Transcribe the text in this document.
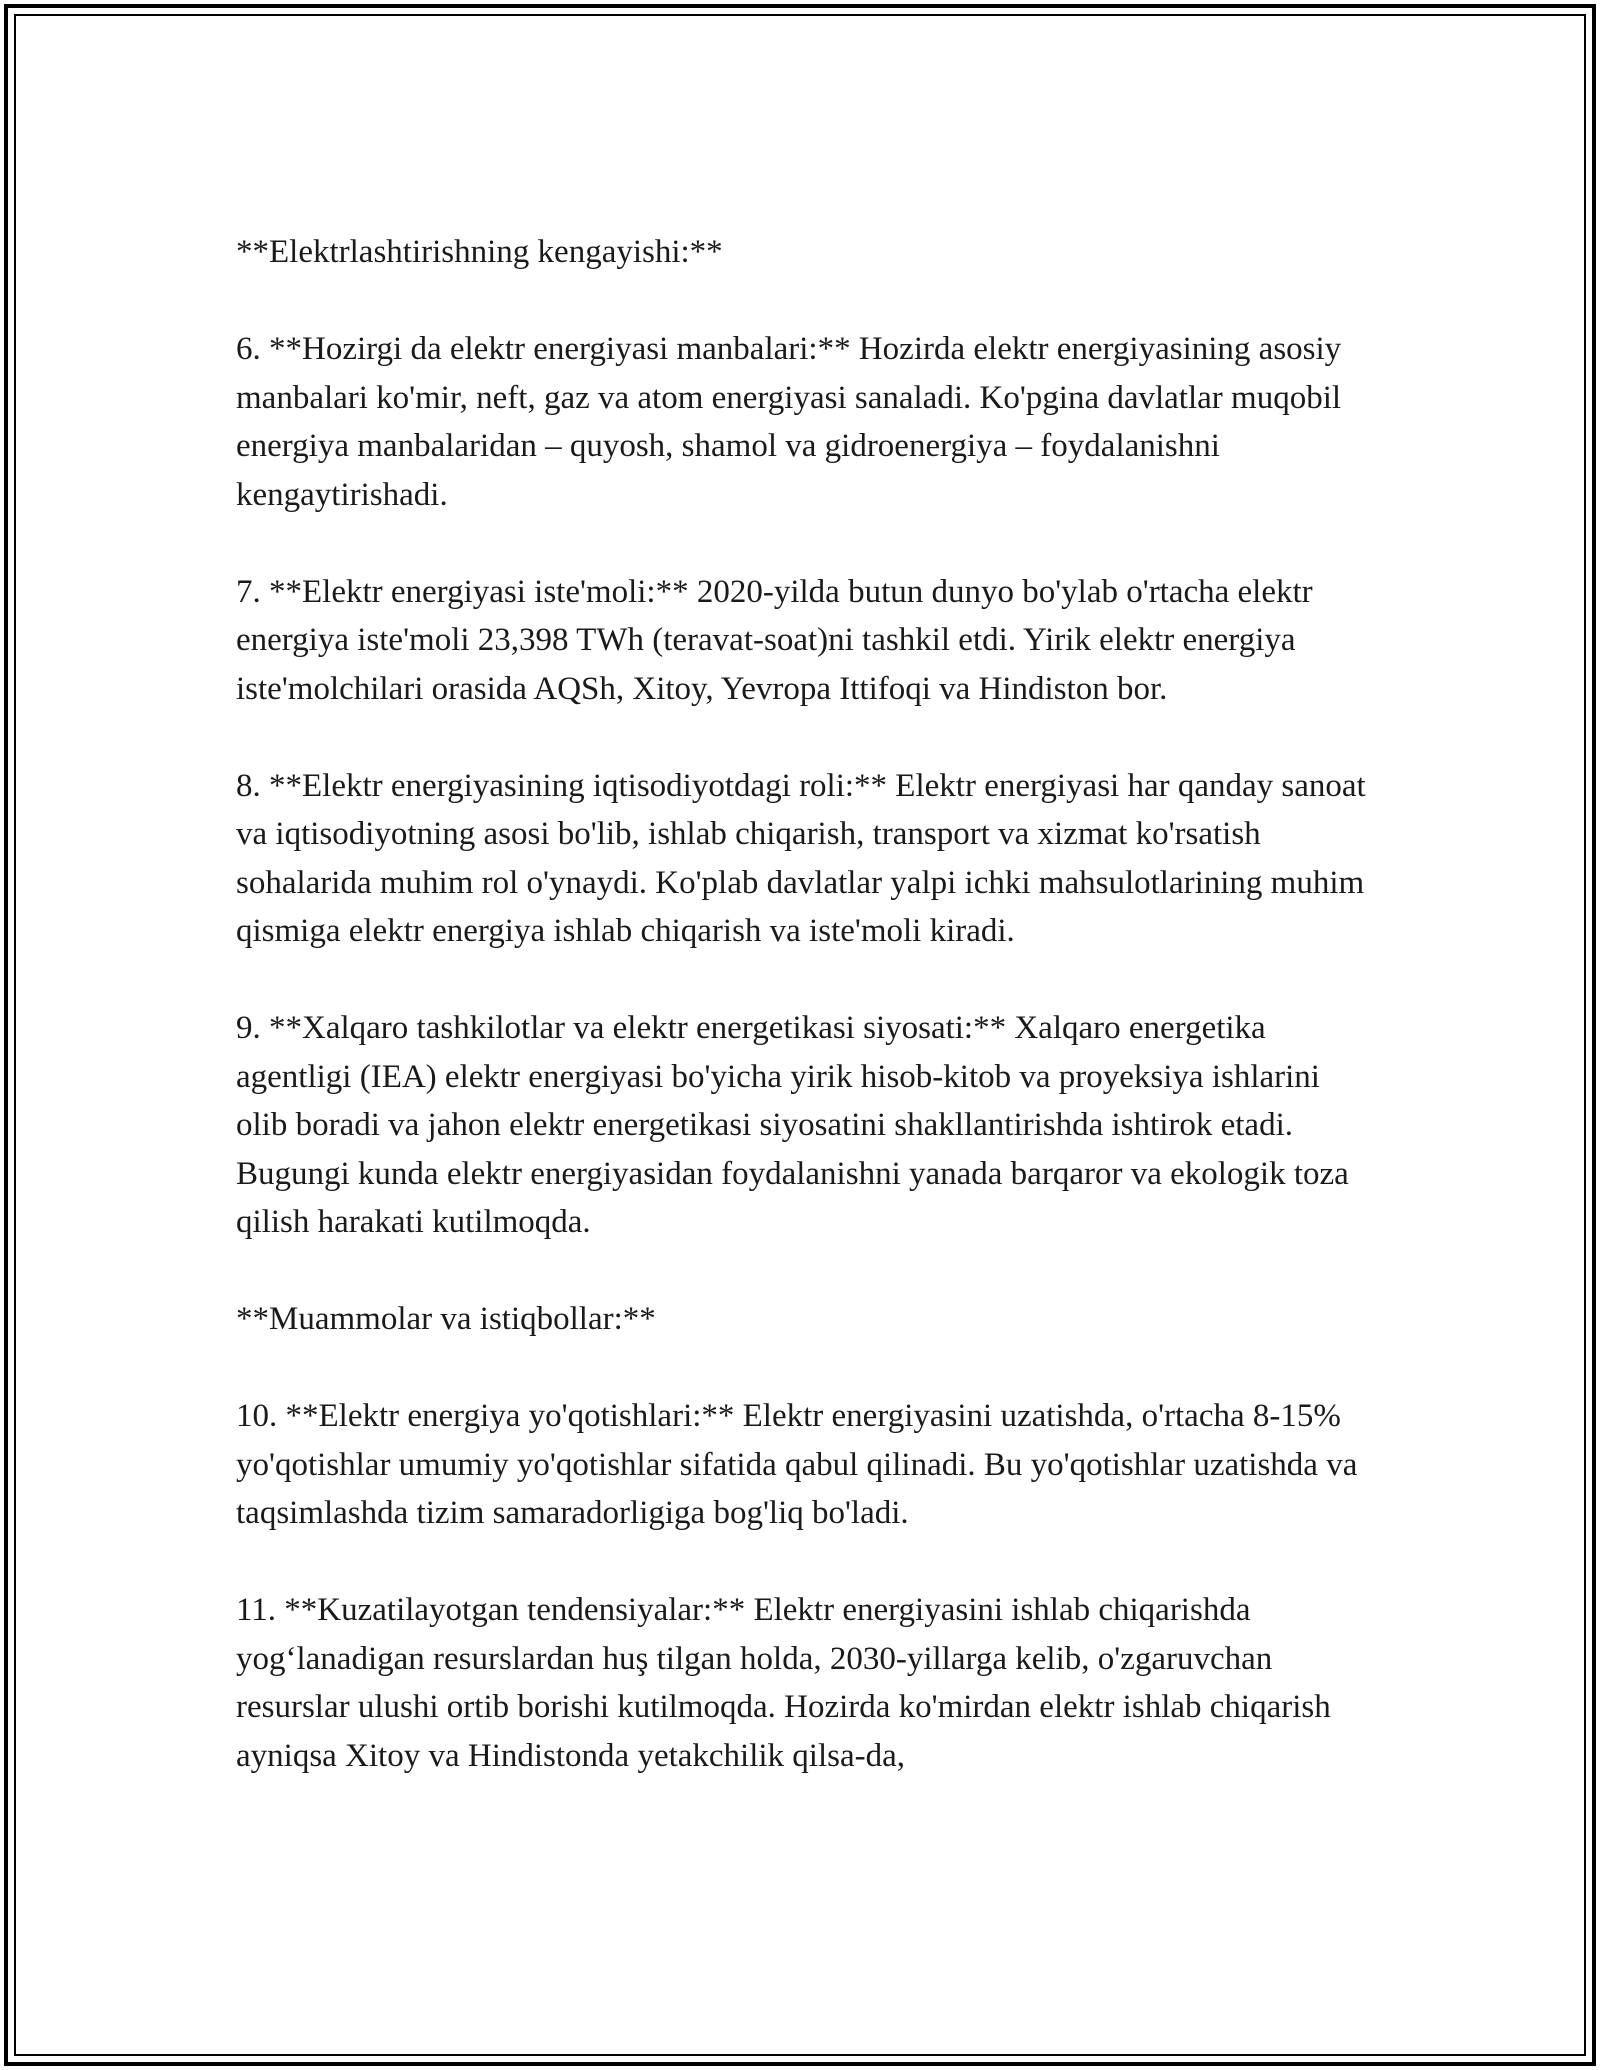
**Elektrlashtirishning kengayishi:**

6. **Hozirgi da elektr energiyasi manbalari:** Hozirda elektr energiyasining asosiy manbalari ko'mir, neft, gaz va atom energiyasi sanaladi. Ko'pgina davlatlar muqobil energiya manbalaridan – quyosh, shamol va gidroenergiya – foydalanishni kengaytirishadi.

7. **Elektr energiyasi iste'moli:** 2020-yilda butun dunyo bo'ylab o'rtacha elektr energiya iste'moli 23,398 TWh (teravat-soat)ni tashkil etdi. Yirik elektr energiya iste'molchilari orasida AQSh, Xitoy, Yevropa Ittifoqi va Hindiston bor.

8. **Elektr energiyasining iqtisodiyotdagi roli:** Elektr energiyasi har qanday sanoat va iqtisodiyotning asosi bo'lib, ishlab chiqarish, transport va xizmat ko'rsatish sohalarida muhim rol o'ynaydi. Ko'plab davlatlar yalpi ichki mahsulotlarining muhim qismiga elektr energiya ishlab chiqarish va iste'moli kiradi.

9. **Xalqaro tashkilotlar va elektr energetikasi siyosati:** Xalqaro energetika agentligi (IEA) elektr energiyasi bo'yicha yirik hisob-kitob va proyeksiya ishlarini olib boradi va jahon elektr energetikasi siyosatini shakllantirishda ishtirok etadi. Bugungi kunda elektr energiyasidan foydalanishni yanada barqaror va ekologik toza qilish harakati kutilmoqda.

**Muammolar va istiqbollar:**

10. **Elektr energiya yo'qotishlari:** Elektr energiyasini uzatishda, o'rtacha 8-15% yo'qotishlar umumiy yo'qotishlar sifatida qabul qilinadi. Bu yo'qotishlar uzatishda va taqsimlashda tizim samaradorligiga bog'liq bo'ladi.

11. **Kuzatilayotgan tendensiyalar:** Elektr energiyasini ishlab chiqarishda yog‘lanadigan resurslardan huş tilgan holda, 2030-yillarga kelib, o'zgaruvchan resurslar ulushi ortib borishi kutilmoqda. Hozirda ko'mirdan elektr ishlab chiqarish ayniqsa Xitoy va Hindistonda yetakchilik qilsa-da,
